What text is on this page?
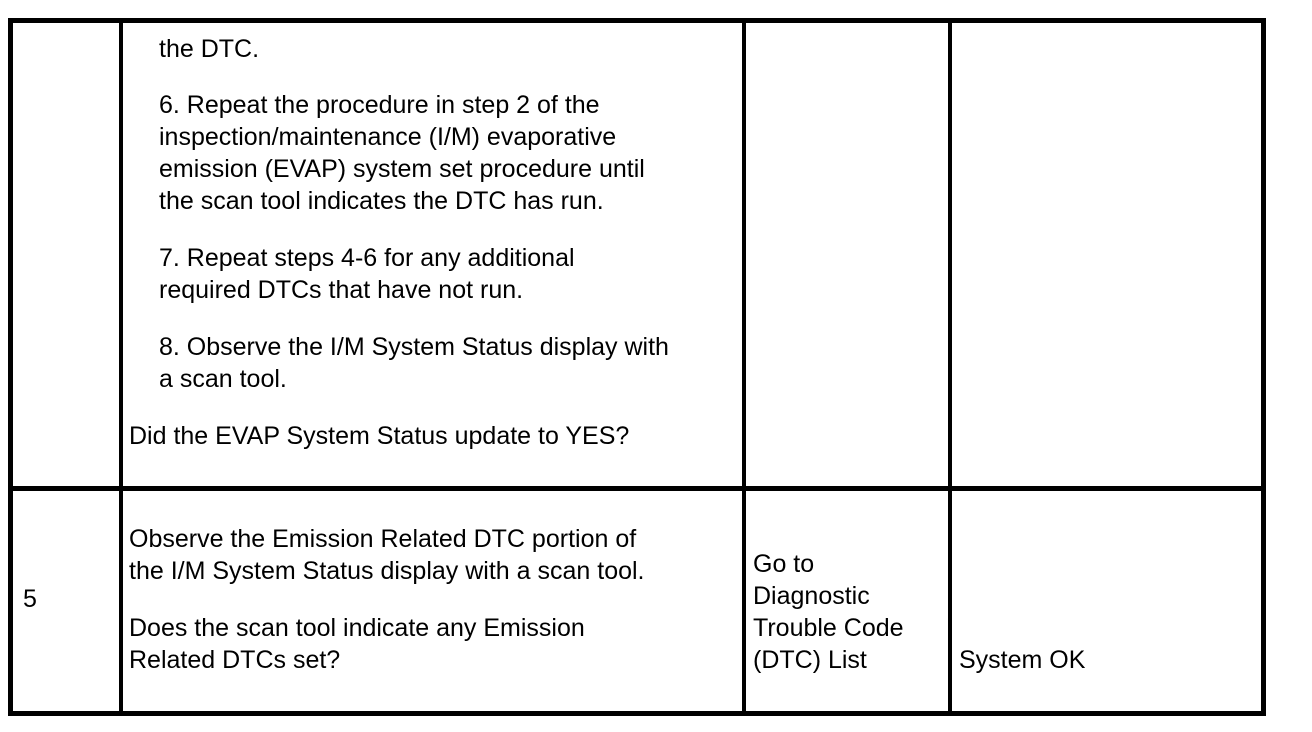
the DTC.

6. Repeat the procedure in step 2 of the

inspection/maintenance (I/M) evaporative

emission (EVAP) system set procedure until

the scan tool indicates the DTC has run.

7. Repeat steps 4-6 for any additional

required DTCs that have not run.

8. Observe the I/M System Status display with

a scan tool.

Did the EVAP System Status update to YES?

5

Observe the Emission Related DTC portion of

the I/M System Status display with a scan tool.

Does the scan tool indicate any Emission

Related DTCs set?

Go to

Diagnostic

Trouble Code

(DTC) List	System OK
